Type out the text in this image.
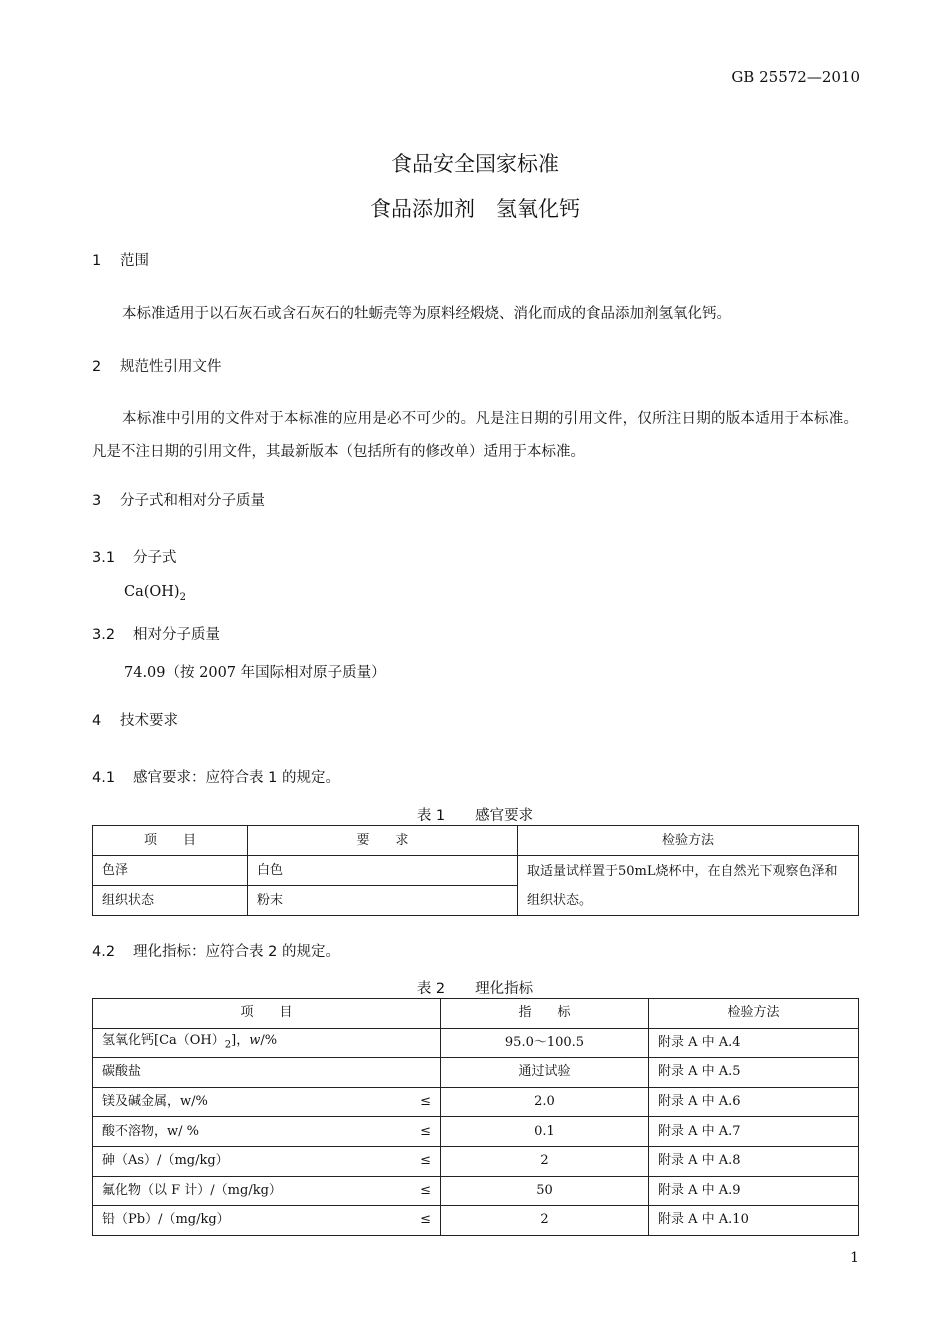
GB 25572—2010
食品安全国家标准
食品添加剂　氢氧化钙
1 范围
本标准适用于以石灰石或含石灰石的牡蛎壳等为原料经煅烧、消化而成的食品添加剂氢氧化钙。
2 规范性引用文件
本标准中引用的文件对于本标准的应用是必不可少的。凡是注日期的引用文件，仅所注日期的版本适用于本标准。凡是不注日期的引用文件，其最新版本（包括所有的修改单）适用于本标准。
3 分子式和相对分子质量
3.1 分子式
$Ca(OH)_2$
3.2 相对分子质量
74.09（按 2007 年国际相对原子质量）
4 技术要求
4.1 感官要求：应符合表 1 的规定。
表 1 感官要求
项　　目	要　　求	检验方法
色泽	白色	取适量试样置于50mL烧杯中，在自然光下观察色泽和组织状态。
组织状态	粉末	
4.2 理化指标：应符合表 2 的规定。
表 2 理化指标
项　　目	指　　标	检验方法
氢氧化钙$[Ca(OH)_2]$，w/%	95.0～100.5	附录 A 中 A.4

碳酸盐	通过试验	附录 A 中 A.5

镁及碱金属，w/% ≤	2.0	附录 A 中 A.6

酸不溶物，w/ % ≤	0.1	附录 A 中 A.7

砷（As）/（mg/kg） ≤	2	附录 A 中 A.8

氟化物（以 F 计）/（mg/kg） ≤	50	附录 A 中 A.9

铅（Pb）/（mg/kg） ≤	2	附录 A 中 A.10
1
